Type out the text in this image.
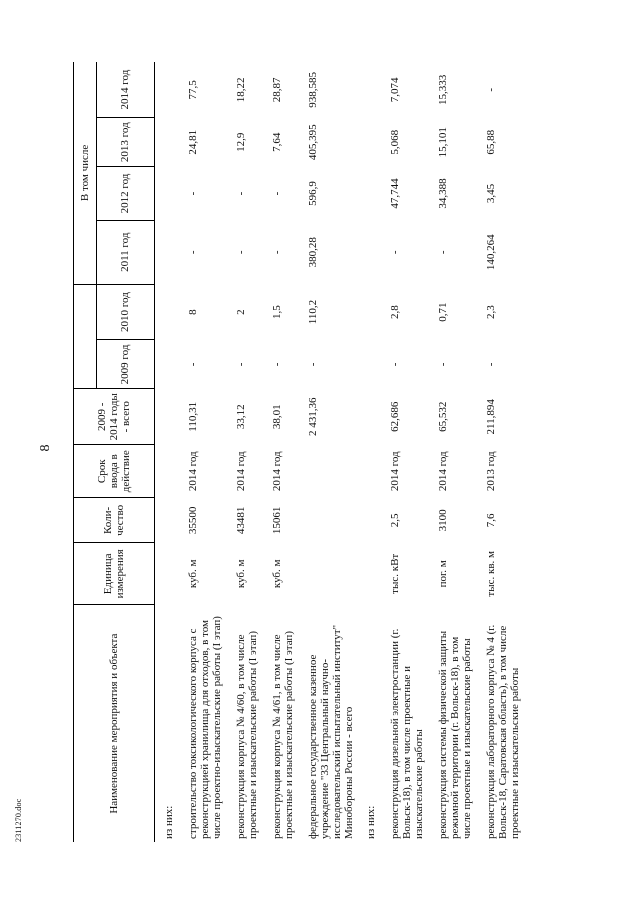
8
Наименование мероприятия и объекта	Единица измерения	Коли-чество	Срок ввода в действие	2009 - 2014 годы - всего			В том числе			
					2009 год	2010 год	2011 год	2012 год	2013 год	2014 год
из них:										
строительство токсикологического корпуса с реконструкцией хранилища для отходов, в том числе проектно-изыскательские работы (I этап)	куб. м	35500	2014 год	110,31	-	8	-	-	24,81	77,5
реконструкция корпуса № 4/60, в том числе проектные и изыскательские работы (I этап)	куб. м	43481	2014 год	33,12	-	2	-	-	12,9	18,22
реконструкция корпуса № 4/61, в том числе проектные и изыскательские работы (I этап)	куб. м	15061	2014 год	38,01	-	1,5	-	-	7,64	28,87
федеральное государственное казенное учреждение "33 Центральный научно-исследовательский испытательный институт" Минобороны России - всего				2 431,36	-	110,2	380,28	596,9	405,395	938,585
из них:										
реконструкция дизельной электростанции (г. Вольск-18), в том числе проектные и изыскательские работы	тыс. кВт	2,5	2014 год	62,686	-	2,8	-	47,744	5,068	7,074
реконструкция системы физической защиты режимной территории (г. Вольск-18), в том числе проектные и изыскательские работы	пог. м	3100	2014 год	65,532	-	0,71	-	34,388	15,101	15,333
реконструкция лабораторного корпуса № 4 (г. Вольск-18, Саратовская область), в том числе проектные и изыскательские работы	тыс. кв. м	7,6	2013 год	211,894	-	2,3	140,264	3,45	65,88	-
2311270.doc
